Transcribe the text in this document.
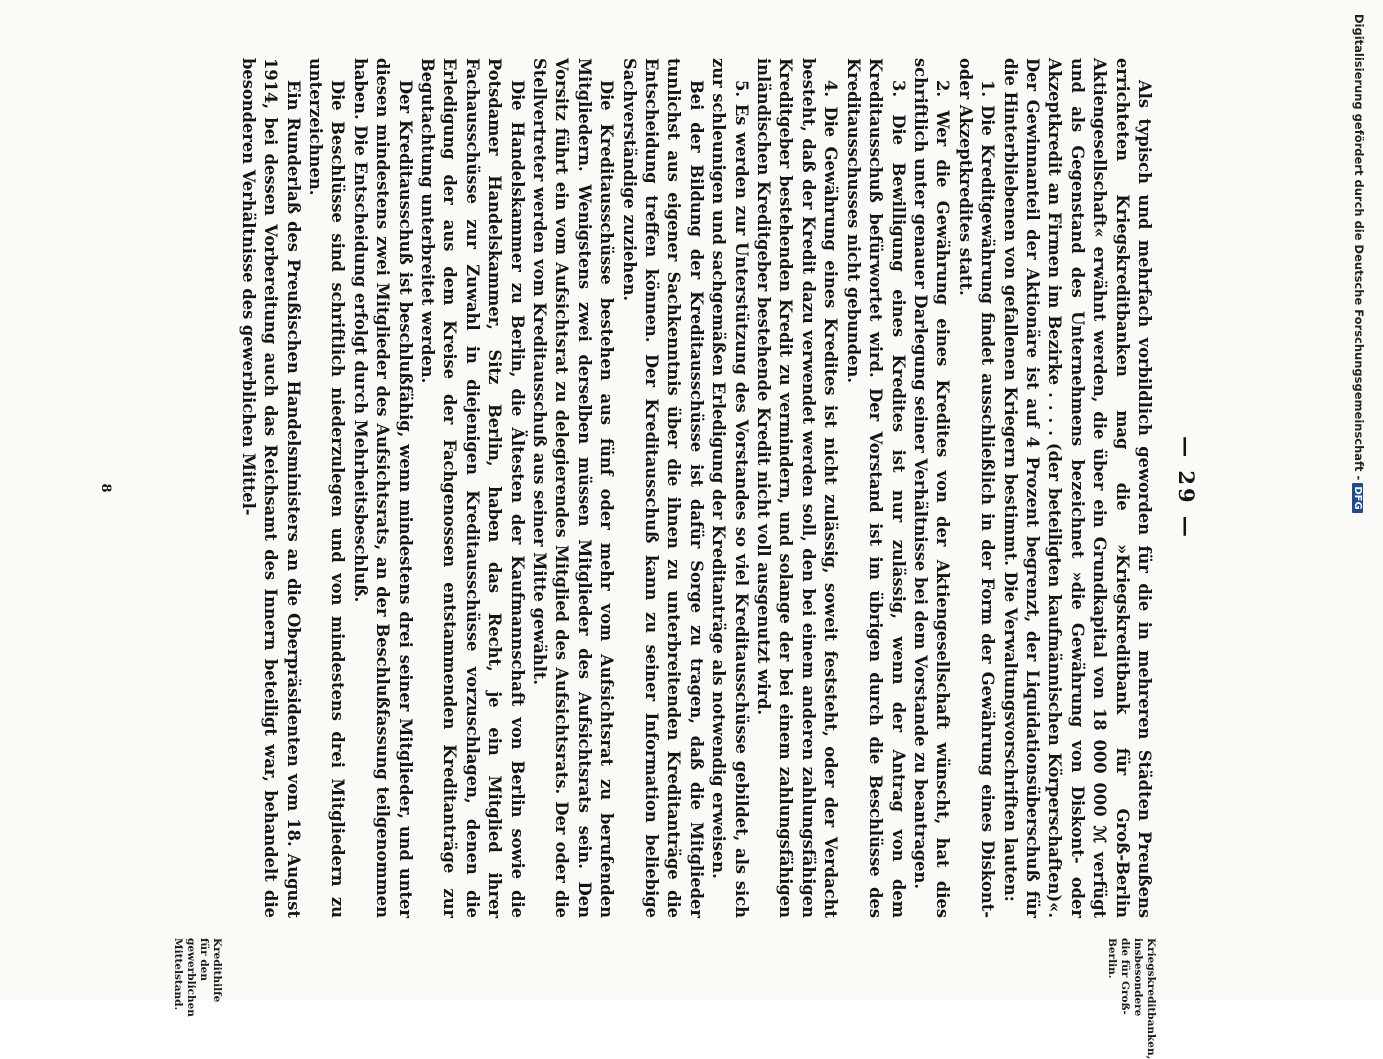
— 29 —

Als typisch und mehrfach vorbildlich geworden für die in mehreren Städten Preußens errichteten Kriegskreditbanken mag die »Kriegskreditbank für Groß-Berlin Aktiengesellschaft« erwähnt werden, die über ein Grundkapital von 18 000 000 ℳ verfügt und als Gegenstand des Unternehmens bezeichnet »die Gewährung von Diskont- oder Akzeptkredit an Firmen im Bezirke . . . . (der beteiligten kaufmännischen Körperschaften)«. Der Gewinnanteil der Aktionäre ist auf 4 Prozent begrenzt, der Liquidationsüberschuß für die Hinterbliebenen von gefallenen Kriegern bestimmt. Die Verwaltungsvorschriften lauten:

1. Die Kreditgewährung findet ausschließlich in der Form der Gewährung eines Diskont- oder Akzeptkredites statt.

2. Wer die Gewährung eines Kredites von der Aktiengesellschaft wünscht, hat dies schriftlich unter genauer Darlegung seiner Verhältnisse bei dem Vorstande zu beantragen.

3. Die Bewilligung eines Kredites ist nur zulässig, wenn der Antrag von dem Kreditausschuß befürwortet wird. Der Vorstand ist im übrigen durch die Beschlüsse des Kreditausschusses nicht gebunden.

4. Die Gewährung eines Kredites ist nicht zulässig, soweit feststeht, oder der Verdacht besteht, daß der Kredit dazu verwendet werden soll, den bei einem anderen zahlungsfähigen Kreditgeber bestehenden Kredit zu vermindern, und solange der bei einem zahlungsfähigen inländischen Kreditgeber bestehende Kredit nicht voll ausgenutzt wird.

5. Es werden zur Unterstützung des Vorstandes so viel Kreditausschüsse gebildet, als sich zur schleunigen und sachgemäßen Erledigung der Kreditanträge als notwendig erweisen.

Bei der Bildung der Kreditausschüsse ist dafür Sorge zu tragen, daß die Mitglieder tunlichst aus eigener Sachkenntnis über die ihnen zu unterbreitenden Kreditanträge die Entscheidung treffen können. Der Kreditausschuß kann zu seiner Information beliebige Sachverständige zuziehen.

Die Kreditausschüsse bestehen aus fünf oder mehr vom Aufsichtsrat zu berufenden Mitgliedern. Wenigstens zwei derselben müssen Mitglieder des Aufsichtsrats sein. Den Vorsitz führt ein vom Aufsichtsrat zu delegierendes Mitglied des Aufsichtsrats. Der oder die Stellvertreter werden vom Kreditausschuß aus seiner Mitte gewählt.

Die Handelskammer zu Berlin, die Ältesten der Kaufmannschaft von Berlin sowie die Potsdamer Handelskammer, Sitz Berlin, haben das Recht, je ein Mitglied ihrer Fachausschüsse zur Zuwahl in diejenigen Kreditausschüsse vorzuschlagen, denen die Erledigung der aus dem Kreise der Fachgenossen entstammenden Kreditanträge zur Begutachtung unterbreitet werden.

Der Kreditausschuß ist beschlußfähig, wenn mindestens drei seiner Mitglieder, und unter diesen mindestens zwei Mitglieder des Aufsichtsrats, an der Beschlußfassung teilgenommen haben. Die Entscheidung erfolgt durch Mehrheitsbeschluß.

Die Beschlüsse sind schriftlich niederzulegen und von mindestens drei Mitgliedern zu unterzeichnen.

Ein Runderlaß des Preußischen Handelsministers an die Oberpräsidenten vom 18. August 1914, bei dessen Vorbereitung auch das Reichsamt des Innern beteiligt war, behandelt die besonderen Verhältnisse des gewerblichen Mittel-

Kriegskreditbanken, insbesondere die für Groß-Berlin.
Kredithilfe für den gewerblichen Mittelstand.
8
Digitalisierung gefördert durch die Deutsche Forschungsgemeinschaft -DFG
